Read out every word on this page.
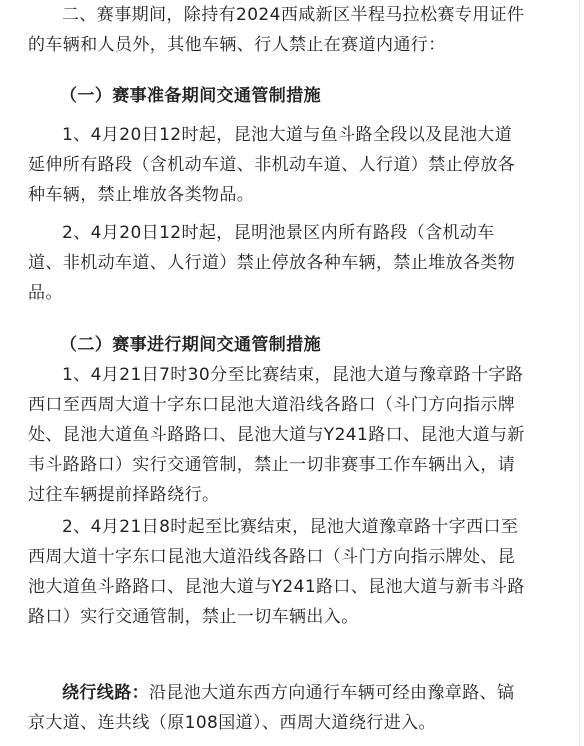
二、赛事期间，除持有2024西咸新区半程马拉松赛专用证件
的车辆和人员外，其他车辆、行人禁止在赛道内通行：
（一）赛事准备期间交通管制措施
1、4月20日12时起，昆池大道与鱼斗路全段以及昆池大道
延伸所有路段（含机动车道、非机动车道、人行道）禁止停放各
种车辆，禁止堆放各类物品。
2、4月20日12时起，昆明池景区内所有路段（含机动车
道、非机动车道、人行道）禁止停放各种车辆，禁止堆放各类物
品。
（二）赛事进行期间交通管制措施
1、4月21日7时30分至比赛结束，昆池大道与豫章路十字路
西口至西周大道十字东口昆池大道沿线各路口（斗门方向指示牌
处、昆池大道鱼斗路路口、昆池大道与Y241路口、昆池大道与新
韦斗路路口）实行交通管制，禁止一切非赛事工作车辆出入，请
过往车辆提前择路绕行。
2、4月21日8时起至比赛结束，昆池大道豫章路十字西口至
西周大道十字东口昆池大道沿线各路口（斗门方向指示牌处、昆
池大道鱼斗路路口、昆池大道与Y241路口、昆池大道与新韦斗路
路口）实行交通管制，禁止一切车辆出入。
绕行线路：沿昆池大道东西方向通行车辆可经由豫章路、镐
京大道、连共线（原108国道）、西周大道绕行进入。
